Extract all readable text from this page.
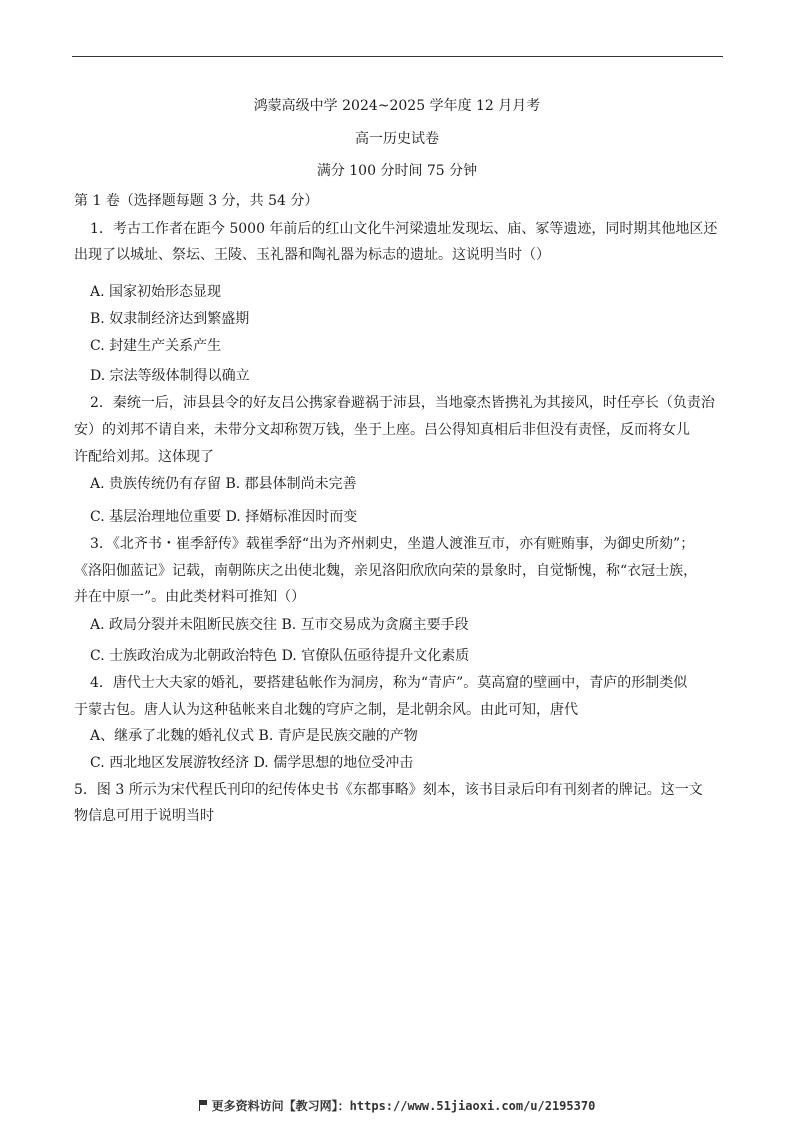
鸿蒙高级中学 2024~2025 学年度 12 月月考
高一历史试卷
满分 100 分时间 75 分钟
第 1 卷（选择题每题 3 分，共 54 分）
1．考古工作者在距今 5000 年前后的红山文化牛河梁遗址发现坛、庙、冢等遗迹，同时期其他地区还
出现了以城址、祭坛、王陵、玉礼器和陶礼器为标志的遗址。这说明当时（）
A. 国家初始形态显现
B. 奴隶制经济达到繁盛期
C. 封建生产关系产生
D. 宗法等级体制得以确立
2．秦统一后，沛县县令的好友吕公携家眷避祸于沛县，当地豪杰皆携礼为其接风，时任亭长（负责治
安）的刘邦不请自来，未带分文却称贺万钱，坐于上座。吕公得知真相后非但没有责怪，反而将女儿
许配给刘邦。这体现了
A. 贵族传统仍有存留 B. 郡县体制尚未完善
C. 基层治理地位重要 D. 择婿标准因时而变
3．《北齐书・崔季舒传》载崔季舒“出为齐州刺史，坐遣人渡淮互市，亦有赃贿事，为御史所劾”；
《洛阳伽蓝记》记载，南朝陈庆之出使北魏，亲见洛阳欣欣向荣的景象时，自觉惭愧，称“衣冠士族，
并在中原一”。由此类材料可推知（）
A. 政局分裂并未阻断民族交往 B. 互市交易成为贪腐主要手段
C. 士族政治成为北朝政治特色 D. 官僚队伍亟待提升文化素质
4．唐代士大夫家的婚礼，要搭建毡帐作为洞房，称为“青庐”。莫高窟的壁画中，青庐的形制类似
于蒙古包。唐人认为这种毡帐来自北魏的穹庐之制，是北朝余风。由此可知，唐代
A、继承了北魏的婚礼仪式 B. 青庐是民族交融的产物
C. 西北地区发展游牧经济 D. 儒学思想的地位受冲击
5．图 3 所示为宋代程氏刊印的纪传体史书《东都事略》刻本，该书目录后印有刊刻者的牌记。这一文
物信息可用于说明当时
更多资料访问【教习网】：https://www.51jiaoxi.com/u/2195370
